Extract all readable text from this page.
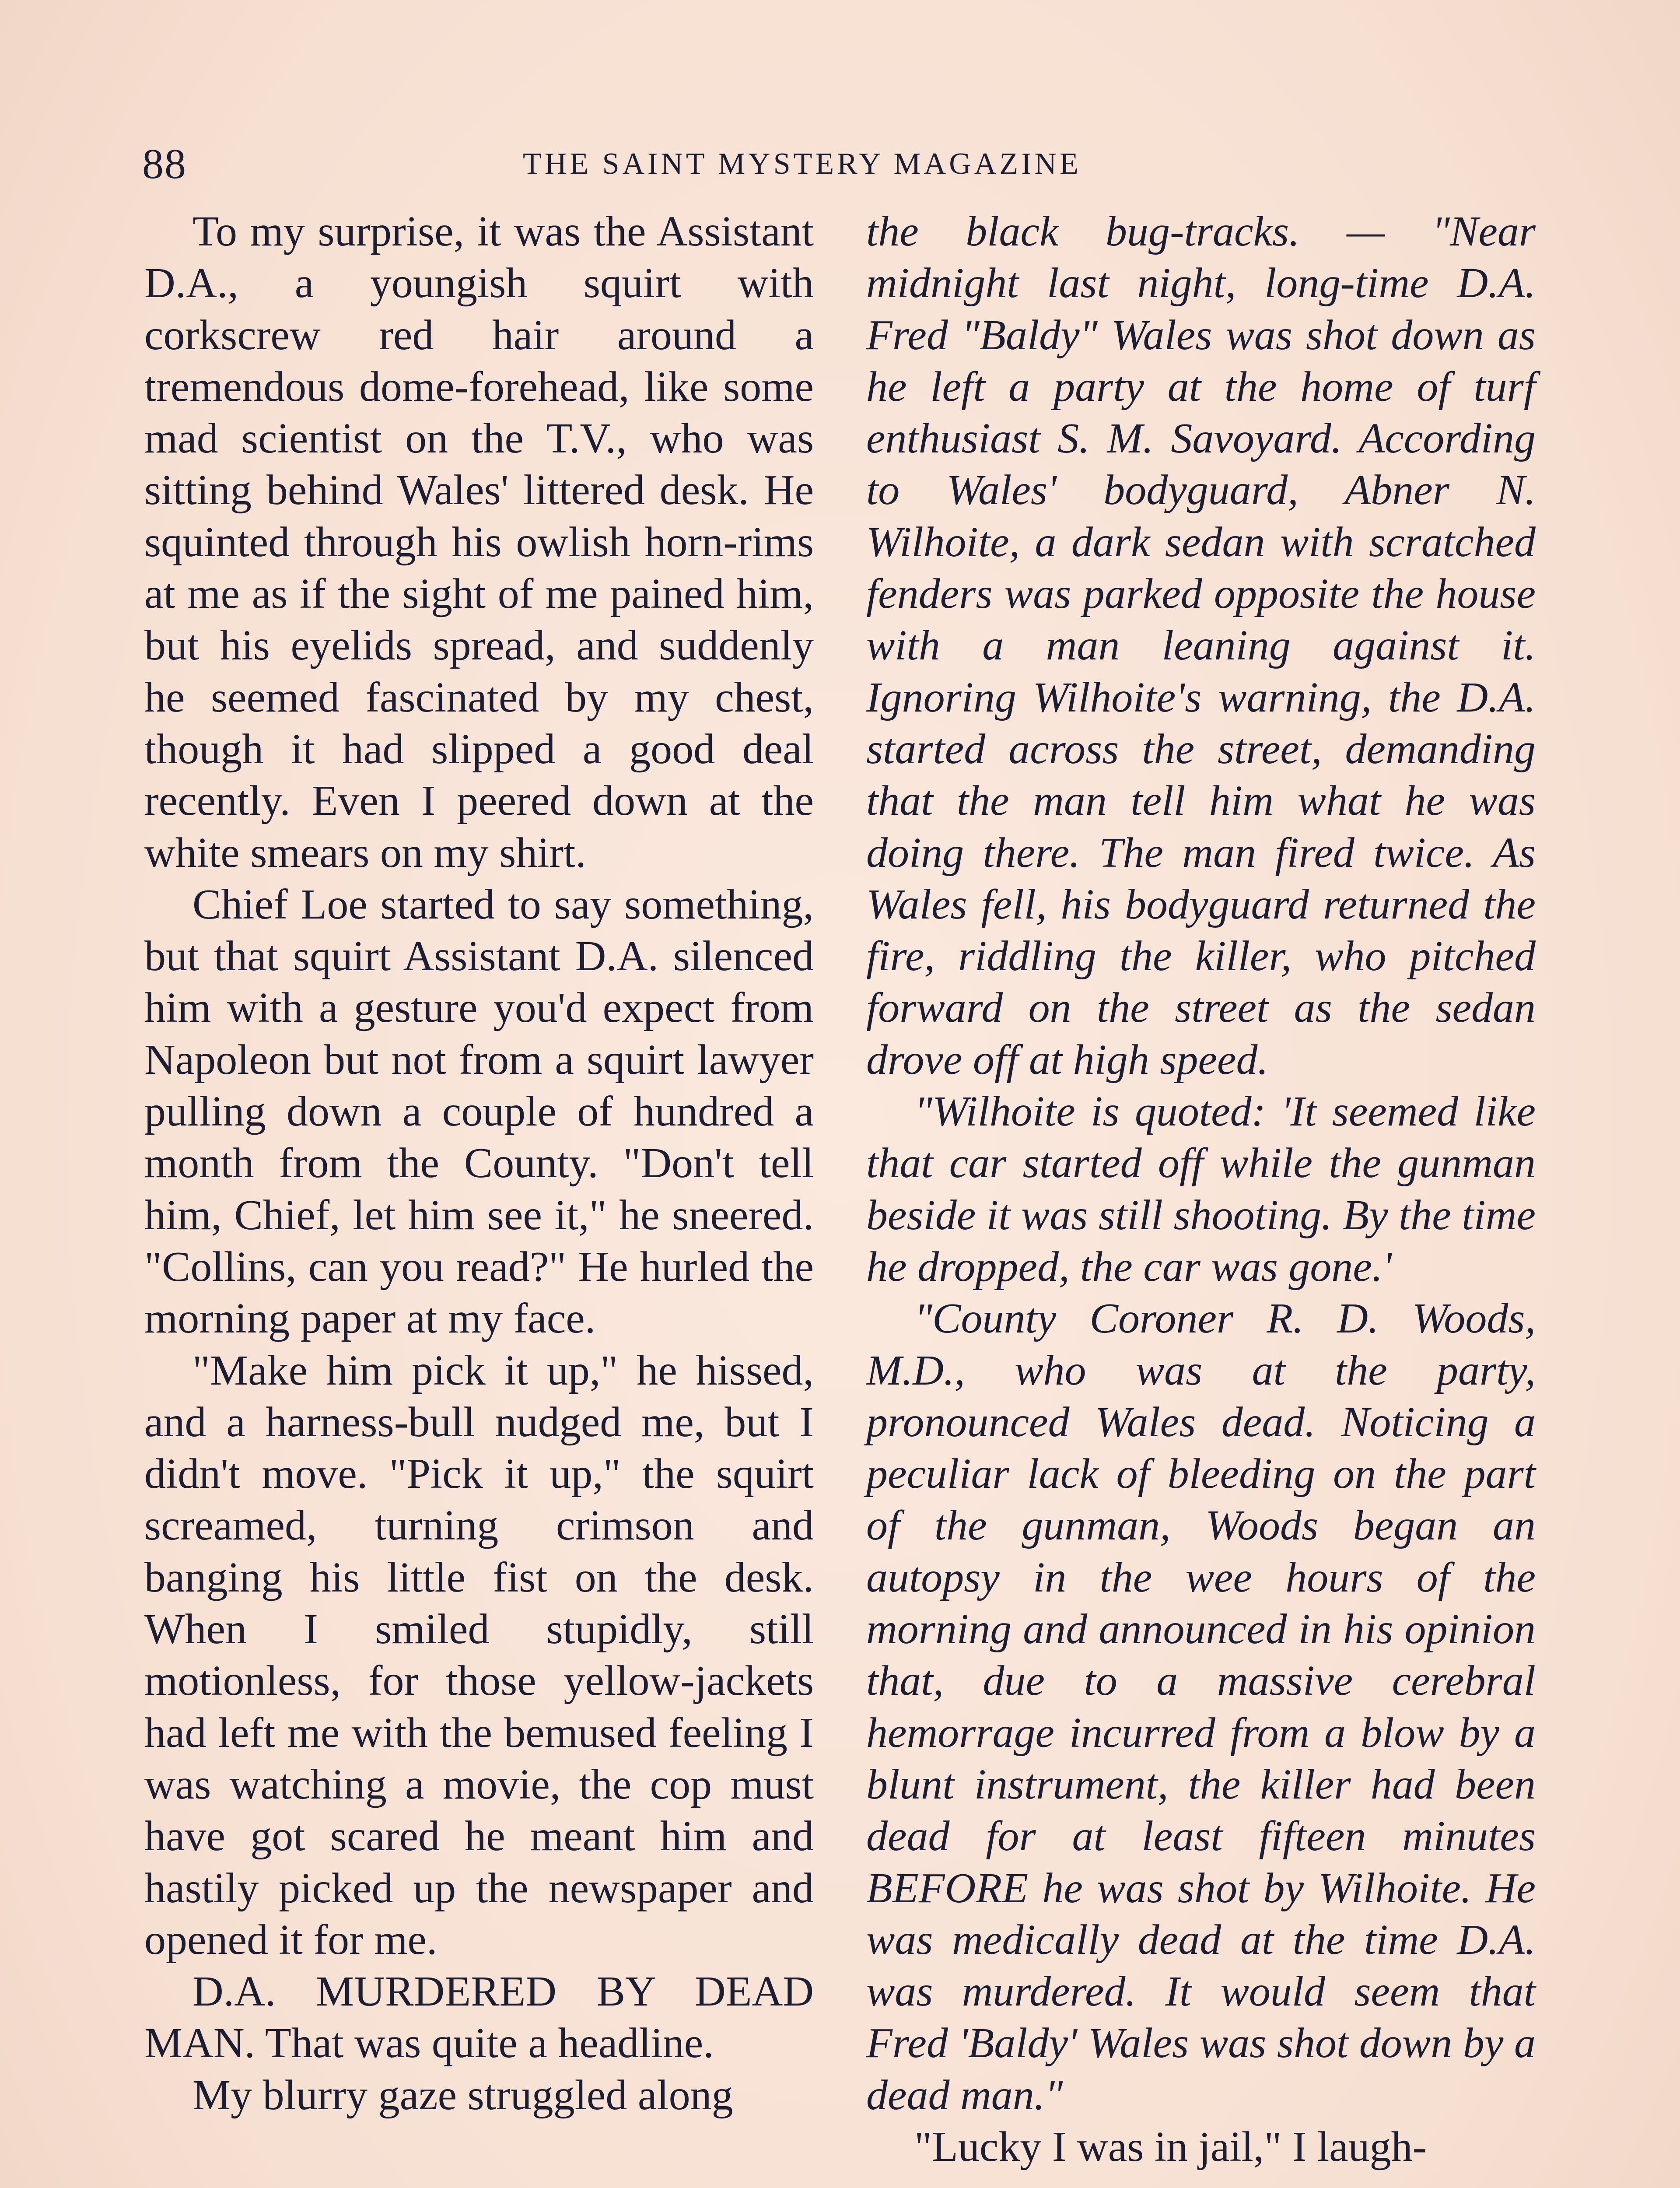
88	THE SAINT MYSTERY MAGAZINE

To my surprise, it was the Assistant D.A., a youngish squirt with corkscrew red hair around a tremendous dome-forehead, like some mad scientist on the T.V., who was sitting behind Wales' littered desk. He squinted through his owlish horn-rims at me as if the sight of me pained him, but his eyelids spread, and suddenly he seemed fascinated by my chest, though it had slipped a good deal recently. Even I peered down at the white smears on my shirt.

Chief Loe started to say something, but that squirt Assistant D.A. silenced him with a gesture you'd expect from Napoleon but not from a squirt lawyer pulling down a couple of hundred a month from the County. "Don't tell him, Chief, let him see it," he sneered. "Collins, can you read?" He hurled the morning paper at my face.

"Make him pick it up," he hissed, and a harness-bull nudged me, but I didn't move. "Pick it up," the squirt screamed, turning crimson and banging his little fist on the desk. When I smiled stupidly, still motionless, for those yellow-jackets had left me with the bemused feeling I was watching a movie, the cop must have got scared he meant him and hastily picked up the newspaper and opened it for me.

D.A. MURDERED BY DEAD MAN. That was quite a headline.

My blurry gaze struggled along

the black bug-tracks. — "Near midnight last night, long-time D.A. Fred "Baldy" Wales was shot down as he left a party at the home of turf enthusiast S. M. Savoyard. According to Wales' bodyguard, Abner N. Wilhoite, a dark sedan with scratched fenders was parked opposite the house with a man leaning against it. Ignoring Wilhoite's warning, the D.A. started across the street, demanding that the man tell him what he was doing there. The man fired twice. As Wales fell, his bodyguard returned the fire, riddling the killer, who pitched forward on the street as the sedan drove off at high speed.

"Wilhoite is quoted: 'It seemed like that car started off while the gunman beside it was still shooting. By the time he dropped, the car was gone.'

"County Coroner R. D. Woods, M.D., who was at the party, pronounced Wales dead. Noticing a peculiar lack of bleeding on the part of the gunman, Woods began an autopsy in the wee hours of the morning and announced in his opinion that, due to a massive cerebral hemorrage incurred from a blow by a blunt instrument, the killer had been dead for at least fifteen minutes BEFORE he was shot by Wilhoite. He was medically dead at the time D.A. was murdered. It would seem that Fred 'Baldy' Wales was shot down by a dead man."

"Lucky I was in jail," I laugh-
